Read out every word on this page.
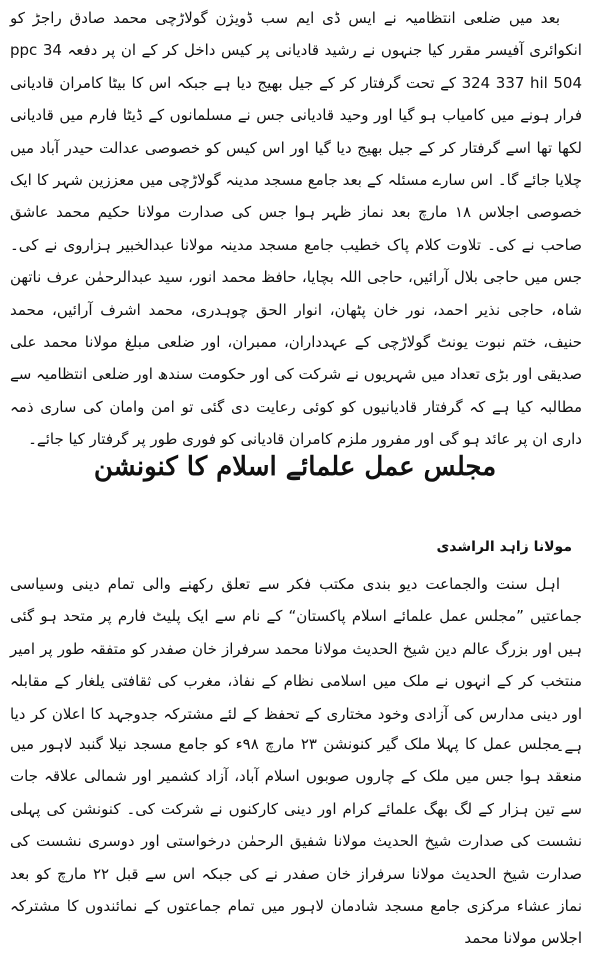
بعد میں ضلعی انتظامیہ نے ایس ڈی ایم سب ڈویژن گولاڑچی محمد صادق راجڑ کو انکوائری آفیسر مقرر کیا جنہوں نے رشید قادیانی پر کیس داخل کر کے ان پر دفعہ 34 ppc 324 337 hil 504 کے تحت گرفتار کر کے جیل بھیج دیا ہے جبکہ اس کا بیٹا کامران قادیانی فرار ہونے میں کامیاب ہو گیا اور وحید قادیانی جس نے مسلمانوں کے ڈیٹا فارم میں قادیانی لکھا تھا اسے گرفتار کر کے جیل بھیج دیا گیا اور اس کیس کو خصوصی عدالت حیدر آباد میں چلایا جائے گا۔ اس سارے مسئلہ کے بعد جامع مسجد مدینہ گولاڑچی میں معززین شہر کا ایک خصوصی اجلاس ۱۸ مارچ بعد نماز ظہر ہوا جس کی صدارت مولانا حکیم محمد عاشق صاحب نے کی۔ تلاوت کلام پاک خطیب جامع مسجد مدینہ مولانا عبدالخبیر ہزاروی نے کی۔ جس میں حاجی بلال آرائیں، حاجی اللہ بچایا، حافظ محمد انور، سید عبدالرحمٰن عرف ناتھن شاہ، حاجی نذیر احمد، نور خان پٹھان، انوار الحق چوہدری، محمد اشرف آرائیں، محمد حنیف، ختم نبوت یونٹ گولاڑچی کے عہدداران، ممبران، اور ضلعی مبلغ مولانا محمد علی صدیقی اور بڑی تعداد میں شہریوں نے شرکت کی اور حکومت سندھ اور ضلعی انتظامیہ سے مطالبہ کیا ہے کہ گرفتار قادیانیوں کو کوئی رعایت دی گئی تو امن وامان کی ساری ذمہ داری ان پر عائد ہو گی اور مفرور ملزم کامران قادیانی کو فوری طور پر گرفتار کیا جائے۔

مجلس عمل علمائے اسلام کا کنونشن

مولانا زاہد الراشدی

اہل سنت والجماعت دیو بندی مکتب فکر سے تعلق رکھنے والی تمام دینی وسیاسی جماعتیں ”مجلس عمل علمائے اسلام پاکستان“ کے نام سے ایک پلیٹ فارم پر متحد ہو گئی ہیں اور بزرگ عالم دین شیخ الحدیث مولانا محمد سرفراز خان صفدر کو متفقہ طور پر امیر منتخب کر کے انہوں نے ملک میں اسلامی نظام کے نفاذ، مغرب کی ثقافتی یلغار کے مقابلہ اور دینی مدارس کی آزادی وخود مختاری کے تحفظ کے لئے مشترکہ جدوجہد کا اعلان کر دیا ہے۔

مجلس عمل کا پہلا ملک گیر کنونشن ۲۳ مارچ ۹۸ء کو جامع مسجد نیلا گنبد لاہور میں منعقد ہوا جس میں ملک کے چاروں صوبوں اسلام آباد، آزاد کشمیر اور شمالی علاقہ جات سے تین ہزار کے لگ بھگ علمائے کرام اور دینی کارکنوں نے شرکت کی۔ کنونشن کی پہلی نشست کی صدارت شیخ الحدیث مولانا شفیق الرحمٰن درخواستی اور دوسری نشست کی صدارت شیخ الحدیث مولانا سرفراز خان صفدر نے کی جبکہ اس سے قبل ۲۲ مارچ کو بعد نماز عشاء مرکزی جامع مسجد شادمان لاہور میں تمام جماعتوں کے نمائندوں کا مشترکہ اجلاس مولانا محمد
